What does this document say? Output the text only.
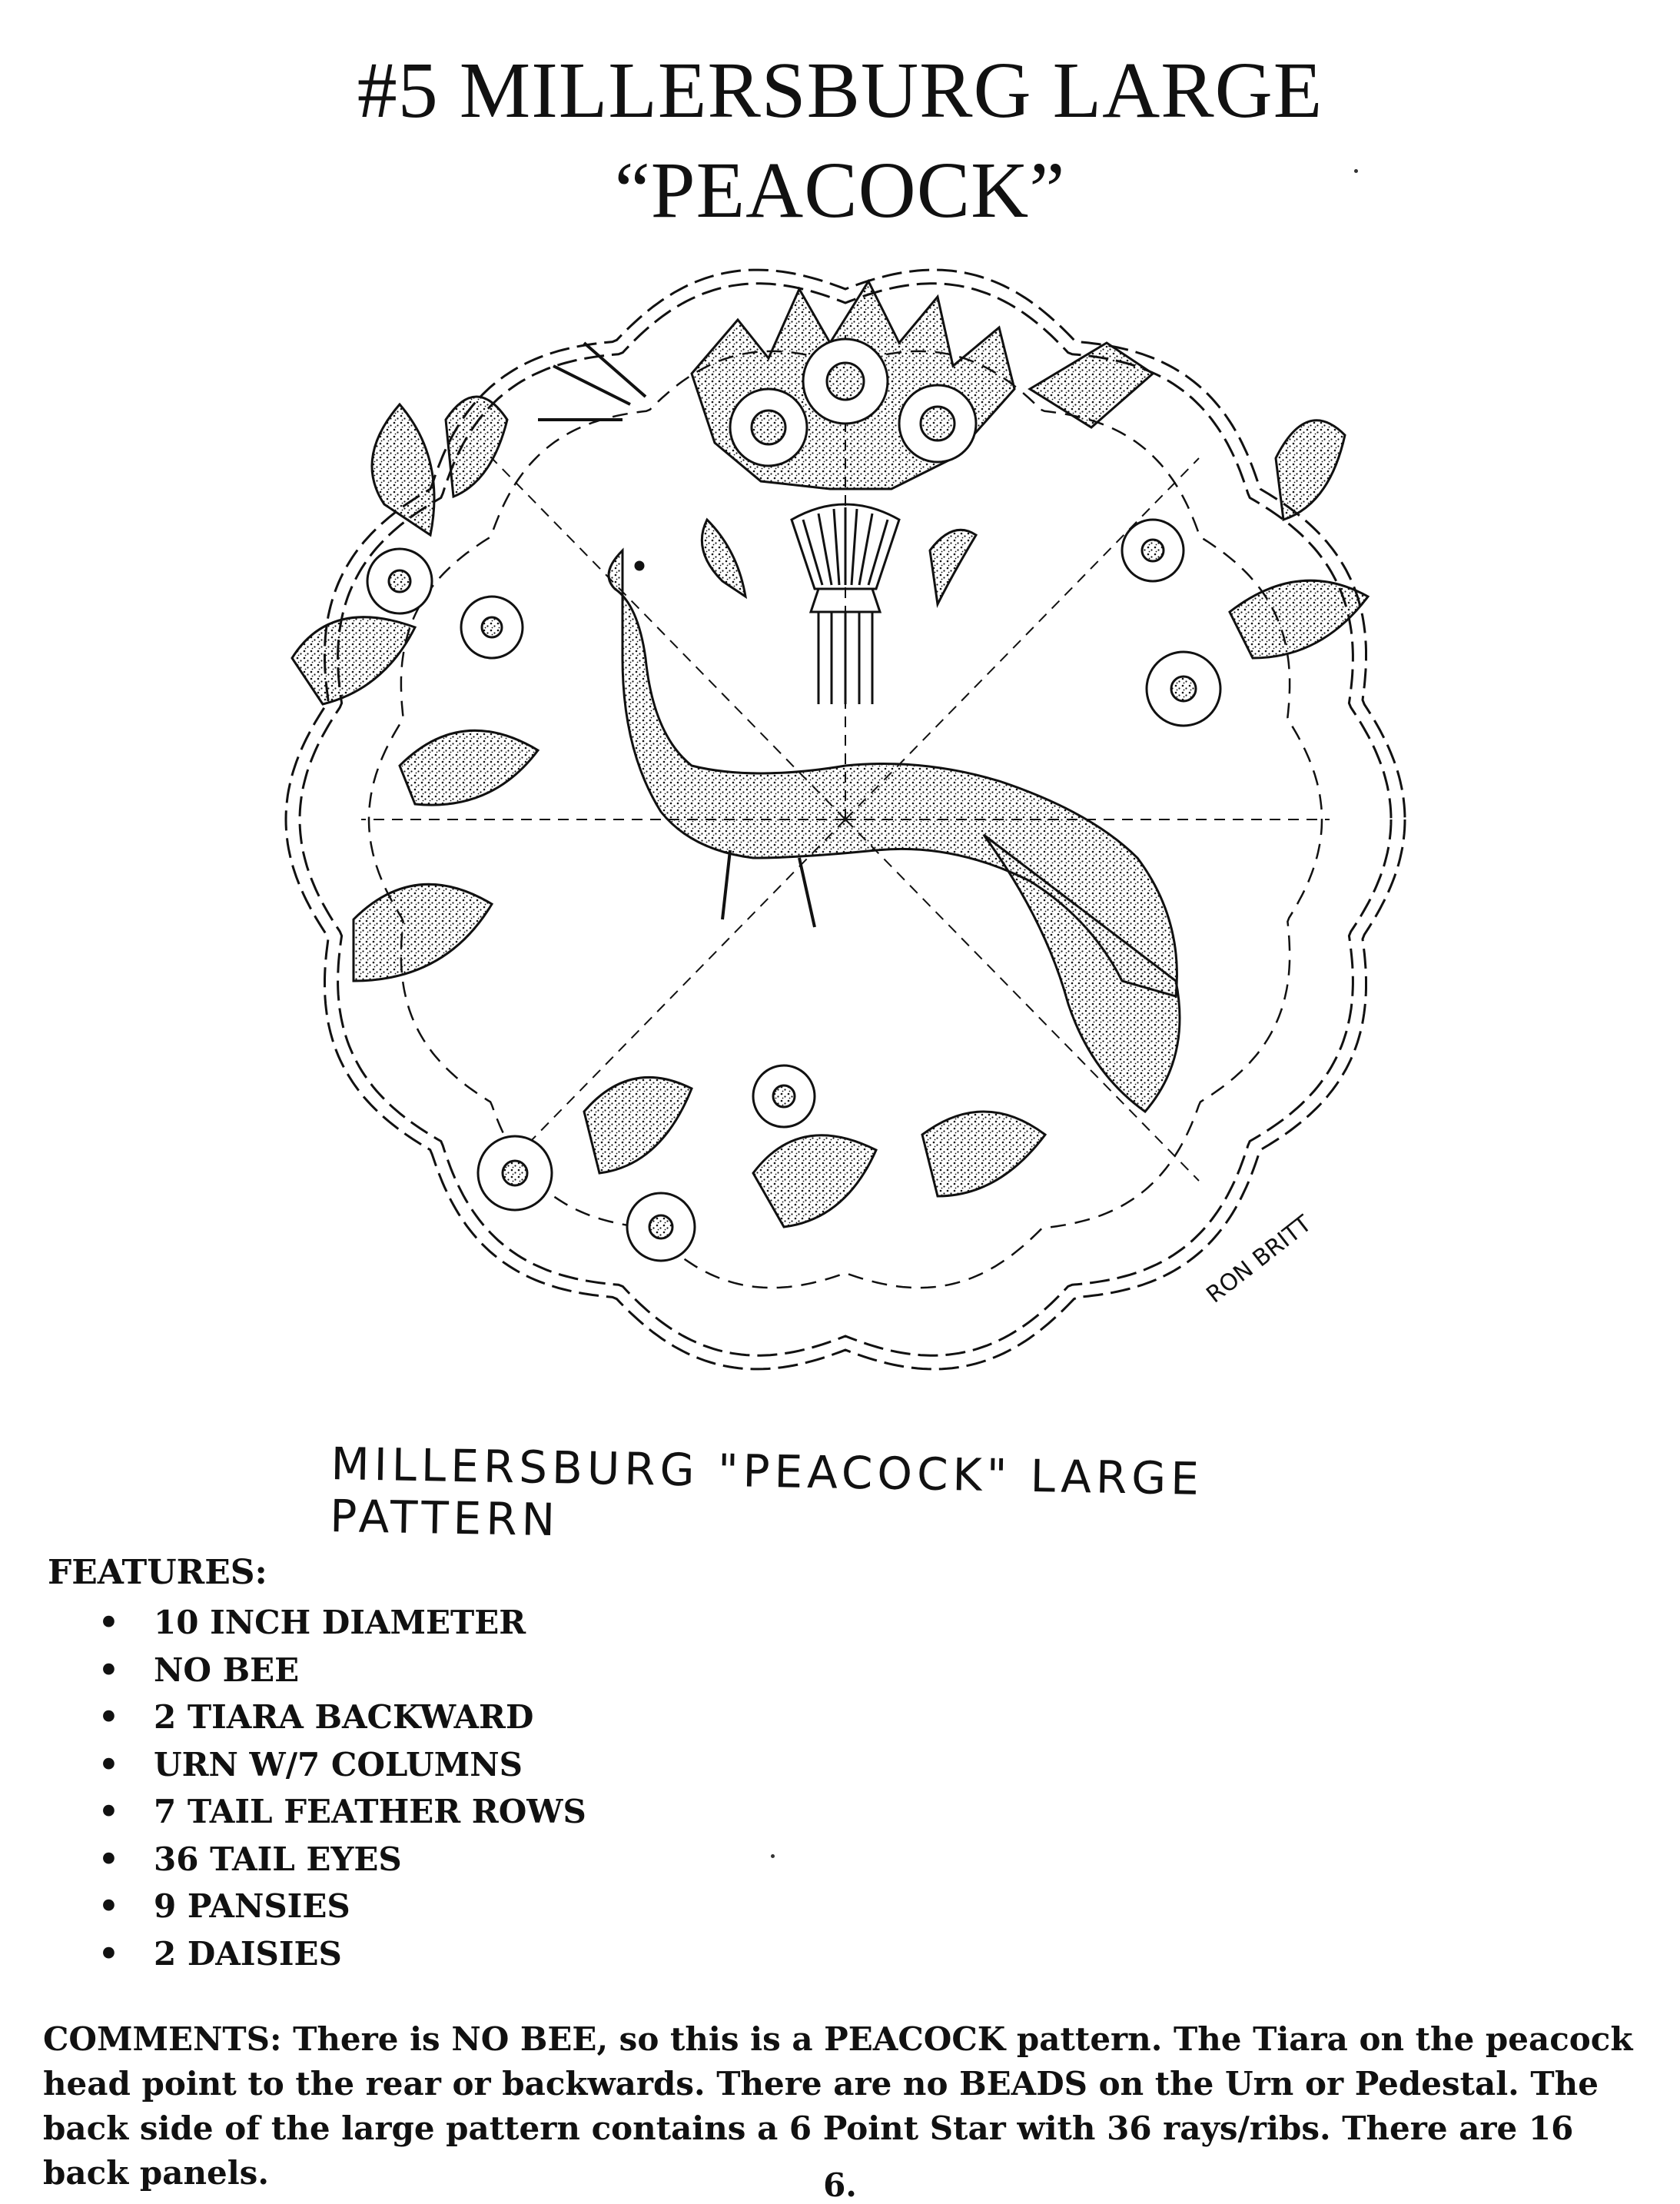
#5 MILLERSBURG LARGE
“PEACOCK”
RON BRITT
MILLERSBURG "PEACOCK" LARGE PATTERN
FEATURES:
• 10 INCH DIAMETER
• NO BEE
• 2 TIARA BACKWARD
• URN W/7 COLUMNS
• 7 TAIL FEATHER ROWS
• 36 TAIL EYES
• 9 PANSIES
• 2 DAISIES
COMMENTS: There is NO BEE, so this is a PEACOCK pattern. The Tiara on the peacock head point to the rear or backwards. There are no BEADS on the Urn or Pedestal. The back side of the large pattern contains a 6 Point Star with 36 rays/ribs. There are 16 back panels.	6.
